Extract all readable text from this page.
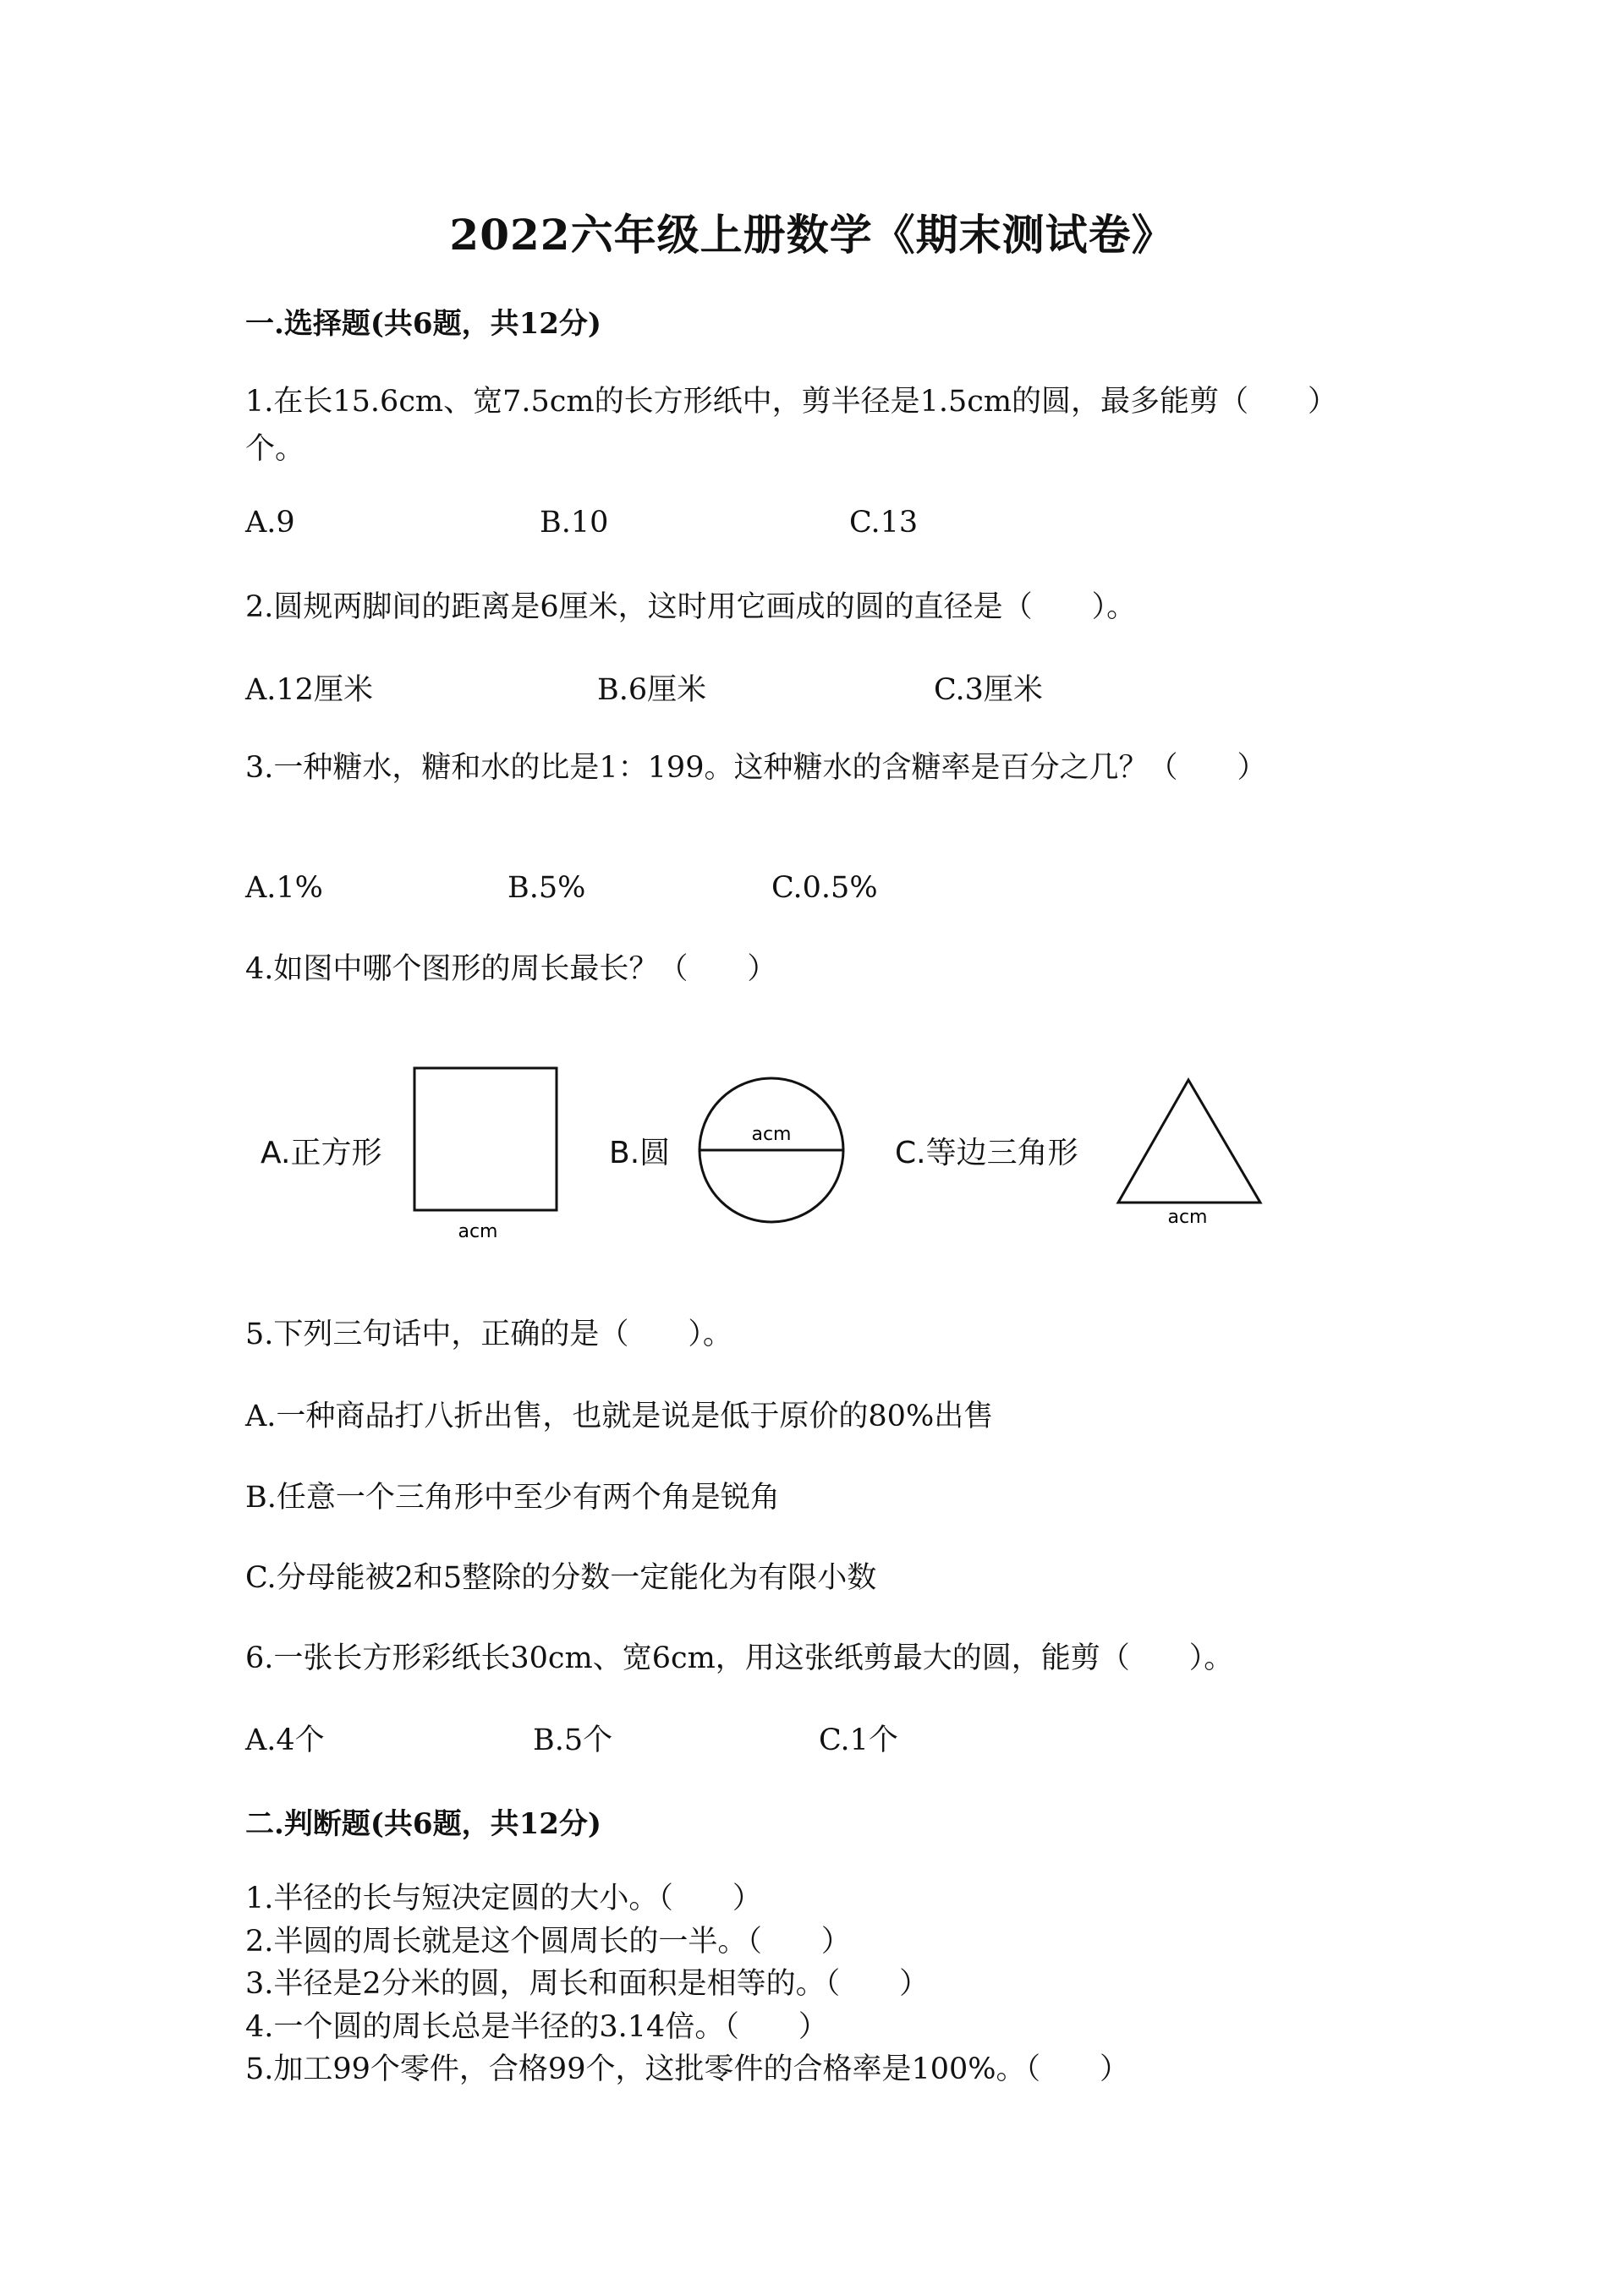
2022六年级上册数学《期末测试卷》
一.选择题(共6题，共12分)
1.在长15.6cm、宽7.5cm的长方形纸中，剪半径是1.5cm的圆，最多能剪（　　）个。
A.9	B.10	C.13
2.圆规两脚间的距离是6厘米，这时用它画成的圆的直径是（　　）。
A.12厘米	B.6厘米	C.3厘米
3.一种糖水，糖和水的比是1：199。这种糖水的含糖率是百分之几？（　　）
A.1%	B.5%	C.0.5%
4.如图中哪个图形的周长最长？（　　）
A.正方形	B.圆	C.等边三角形
acm
acm
acm
5.下列三句话中，正确的是（　　）。
A.一种商品打八折出售，也就是说是低于原价的80%出售
B.任意一个三角形中至少有两个角是锐角
C.分母能被2和5整除的分数一定能化为有限小数
6.一张长方形彩纸长30cm、宽6cm，用这张纸剪最大的圆，能剪（　　）。
A.4个	B.5个	C.1个
二.判断题(共6题，共12分)
1.半径的长与短决定圆的大小。（　　）
2.半圆的周长就是这个圆周长的一半。（　　）
3.半径是2分米的圆，周长和面积是相等的。（　　）
4.一个圆的周长总是半径的3.14倍。（　　）
5.加工99个零件，合格99个，这批零件的合格率是100%。（　　）
